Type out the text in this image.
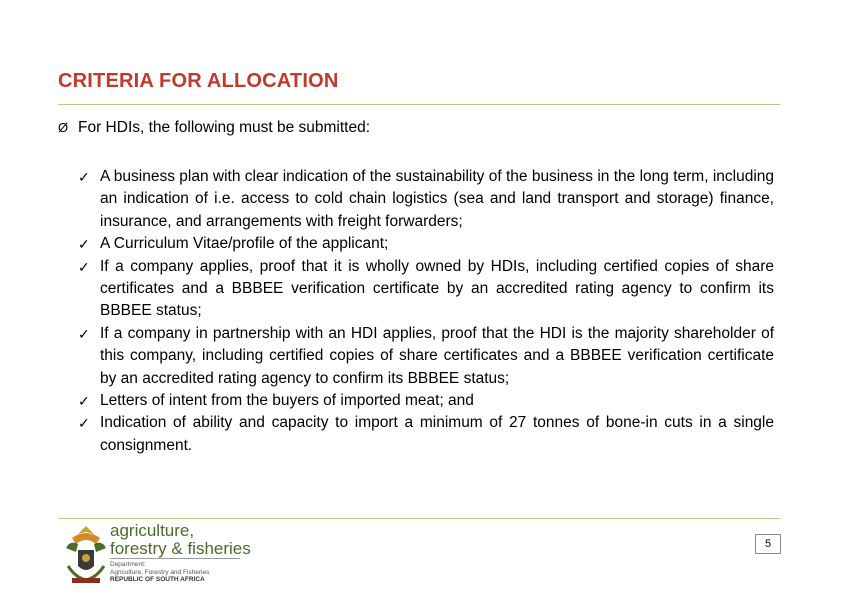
CRITERIA FOR ALLOCATION
Ø For HDIs, the following must be submitted:
✓ A business plan with clear indication of the sustainability of the business in the long term, including an indication of i.e. access to cold chain logistics (sea and land transport and storage) finance, insurance, and arrangements with freight forwarders;
✓ A Curriculum Vitae/profile of the applicant;
✓ If a company applies, proof that it is wholly owned by HDIs, including certified copies of share certificates and a BBBEE verification certificate by an accredited rating agency to confirm its BBBEE status;
✓ If a company in partnership with an HDI applies, proof that the HDI is the majority shareholder of this company, including certified copies of share certificates and a BBBEE verification certificate by an accredited rating agency to confirm its BBBEE status;
✓ Letters of intent from the buyers of imported meat; and
✓ Indication of ability and capacity to import a minimum of 27 tonnes of bone-in cuts in a single consignment.
agriculture,
forestry & fisheries
Department:
Agriculture, Forestry and Fisheries
REPUBLIC OF SOUTH AFRICA
5
